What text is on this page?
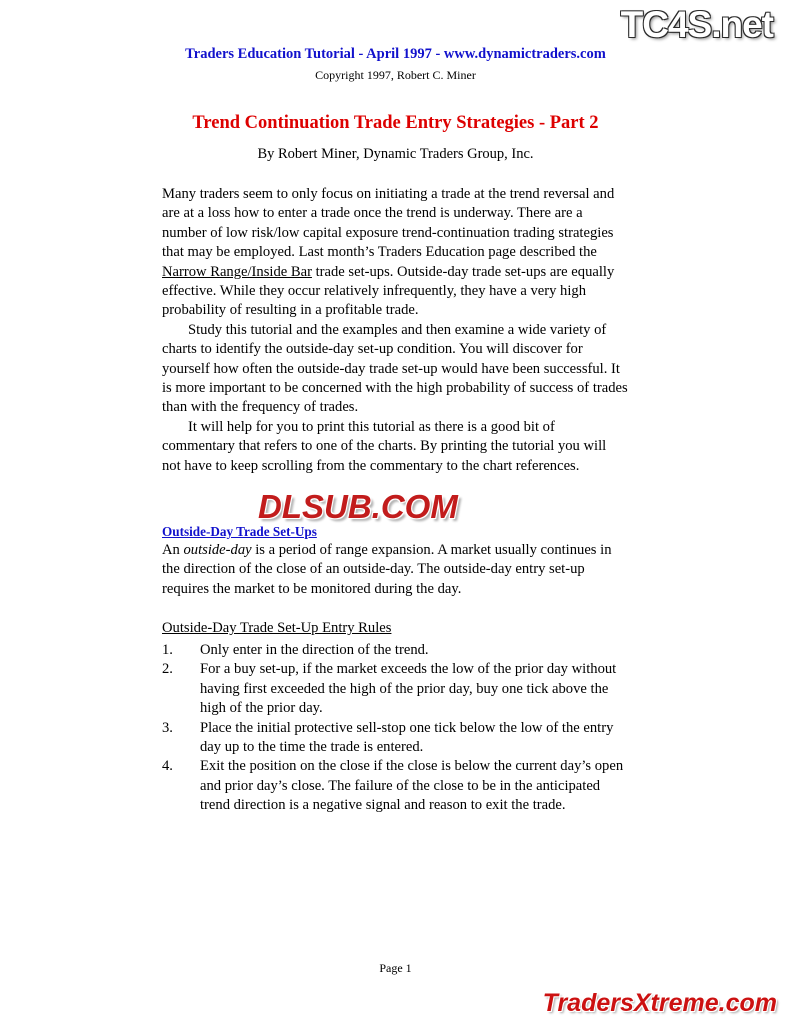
TC4S.net
Traders Education Tutorial - April 1997 - www.dynamictraders.com
Copyright 1997, Robert C. Miner
Trend Continuation Trade Entry Strategies - Part 2
By Robert Miner, Dynamic Traders Group, Inc.

Many traders seem to only focus on initiating a trade at the trend reversal and are at a loss how to enter a trade once the trend is underway. There are a number of low risk/low capital exposure trend-continuation trading strategies that may be employed. Last month’s Traders Education page described the Narrow Range/Inside Bar trade set-ups. Outside-day trade set-ups are equally effective. While they occur relatively infrequently, they have a very high probability of resulting in a profitable trade.

Study this tutorial and the examples and then examine a wide variety of charts to identify the outside-day set-up condition. You will discover for yourself how often the outside-day trade set-up would have been successful. It is more important to be concerned with the high probability of success of trades than with the frequency of trades.

It will help for you to print this tutorial as there is a good bit of commentary that refers to one of the charts. By printing the tutorial you will not have to keep scrolling from the commentary to the chart references.

DLSUB.COM
Outside-Day Trade Set-Ups
An outside-day is a period of range expansion. A market usually continues in the direction of the close of an outside-day. The outside-day entry set-up requires the market to be monitored during the day.
Outside-Day Trade Set-Up Entry Rules
1.	Only enter in the direction of the trend.
2.	For a buy set-up, if the market exceeds the low of the prior day without having first exceeded the high of the prior day, buy one tick above the high of the prior day.
3.	Place the initial protective sell-stop one tick below the low of the entry day up to the time the trade is entered.
4.	Exit the position on the close if the close is below the current day’s open and prior day’s close. The failure of the close to be in the anticipated trend direction is a negative signal and reason to exit the trade.
Page 1
TradersXtreme.com
